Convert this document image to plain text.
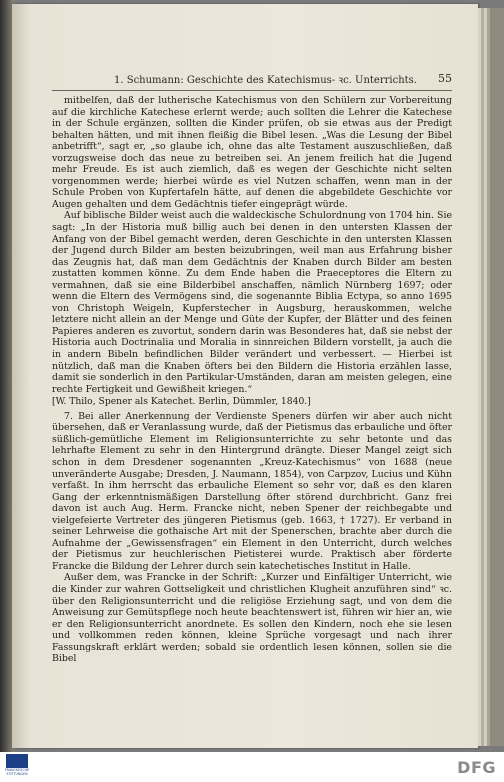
1. Schumann: Geschichte des Katechismus- ꝛc. Unterrichts. 55

mitbelfen, daß der lutherische Katechismus von den Schülern zur Vorbereitung auf die kirchliche Katechese erlernt werde; auch sollten die Lehrer die Katechese in der Schule ergänzen, sollten die Kinder prüfen, ob sie etwas aus der Predigt behalten hätten, und mit ihnen fleißig die Bibel lesen. „Was die Lesung der Bibel anbetrifft“, sagt er, „so glaube ich, ohne das alte Testament auszuschließen, daß vorzugsweise doch das neue zu betreiben sei. An jenem freilich hat die Jugend mehr Freude. Es ist auch ziemlich, daß es wegen der Geschichte nicht selten vorgenommen werde; hierbei würde es viel Nutzen schaffen, wenn man in der Schule Proben von Kupfertafeln hätte, auf denen die abgebildete Geschichte vor Augen gehalten und dem Gedächtnis tiefer eingeprägt würde.

Auf biblische Bilder weist auch die waldeckische Schulordnung von 1704 hin. Sie sagt: „In der Historia muß billig auch bei denen in den untersten Klassen der Anfang von der Bibel gemacht werden, deren Geschichte in den untersten Klassen der Jugend durch Bilder am besten beizubringen, weil man aus Erfahrung bisher das Zeugnis hat, daß man dem Gedächtnis der Knaben durch Bilder am besten zustatten kommen könne. Zu dem Ende haben die Praeceptores die Eltern zu vermahnen, daß sie eine Bilderbibel anschaffen, nämlich Nürnberg 1697; oder wenn die Eltern des Vermögens sind, die sogenannte Biblia Ectypa, so anno 1695 von Christoph Weigeln, Kupferstecher in Augsburg, herauskommen, welche letztere nicht allein an der Menge und Güte der Kupfer, der Blätter und des feinen Papieres anderen es zuvortut, sondern darin was Besonderes hat, daß sie nebst der Historia auch Doctrinalia und Moralia in sinnreichen Bildern vorstellt, ja auch die in andern Bibeln befindlichen Bilder verändert und verbessert. — Hierbei ist nützlich, daß man die Knaben öfters bei den Bildern die Historia erzählen lasse, damit sie sonderlich in den Partikular-Umständen, daran am meisten gelegen, eine rechte Fertigkeit und Gewißheit kriegen.“

[W. Thilo, Spener als Katechet. Berlin, Dümmler, 1840.]

7. Bei aller Anerkennung der Verdienste Speners dürfen wir aber auch nicht übersehen, daß er Veranlassung wurde, daß der Pietismus das erbauliche und öfter süßlich-gemütliche Element im Religionsunterrichte zu sehr betonte und das lehrhafte Element zu sehr in den Hintergrund drängte. Dieser Mangel zeigt sich schon in dem Dresdener sogenannten „Kreuz-Katechismus“ von 1688 (neue unveränderte Ausgabe; Dresden, J. Naumann, 1854), von Carpzov, Lucius und Kühn verfaßt. In ihm herrscht das erbauliche Element so sehr vor, daß es den klaren Gang der erkenntnismäßigen Darstellung öfter störend durchbricht. Ganz frei davon ist auch Aug. Herm. Francke nicht, neben Spener der reichbegabte und vielgefeierte Vertreter des jüngeren Pietismus (geb. 1663, † 1727). Er verband in seiner Lehrweise die gothaische Art mit der Spenerschen, brachte aber durch die Aufnahme der „Gewissensfragen“ ein Element in den Unterricht, durch welches der Pietismus zur heuchlerischen Pietisterei wurde. Praktisch aber förderte Francke die Bildung der Lehrer durch sein katechetisches Institut in Halle.

Außer dem, was Francke in der Schrift: „Kurzer und Einfältiger Unterricht, wie die Kinder zur wahren Gottseligkeit und christlichen Klugheit anzuführen sind“ ꝛc. über den Religionsunterricht und die religiöse Erziehung sagt, und von dem die Anweisung zur Gemütspflege noch heute beachtenswert ist, führen wir hier an, wie er den Religionsunterricht anordnete. Es sollen den Kindern, noch ehe sie lesen und vollkommen reden können, kleine Sprüche vorgesagt und nach ihrer Fassungskraft erklärt werden; sobald sie ordentlich lesen können, sollen sie die Bibel

FRANCKESCHE STIFTUNGEN	DFG
